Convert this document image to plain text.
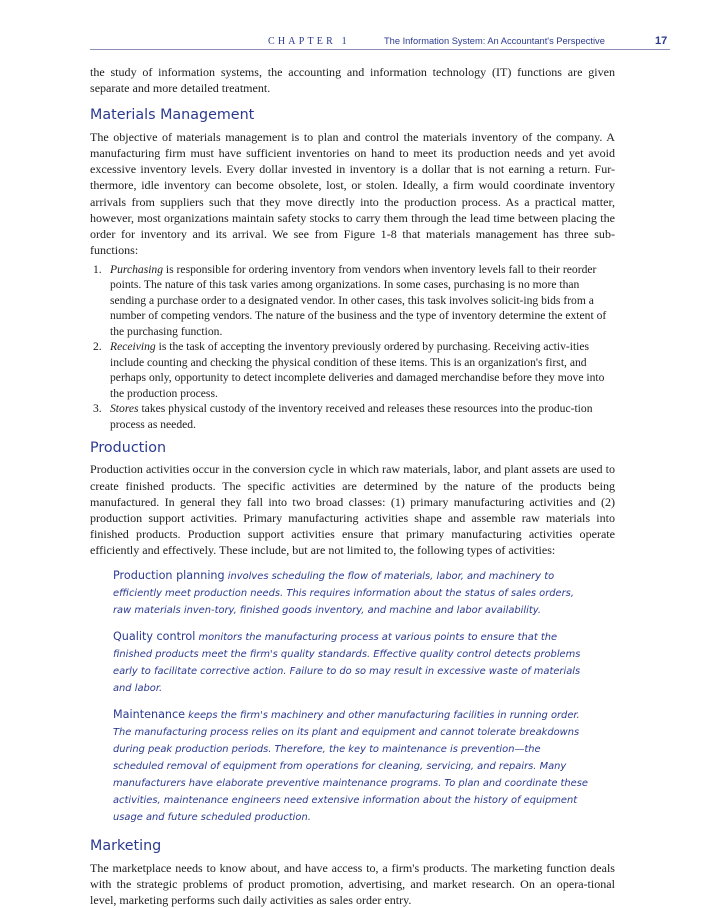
CHAPTER 1	The Information System: An Accountant's Perspective	17

the study of information systems, the accounting and information technology (IT) functions are given separate and more detailed treatment.

Materials Management

The objective of materials management is to plan and control the materials inventory of the company. A manufacturing firm must have sufficient inventories on hand to meet its production needs and yet avoid excessive inventory levels. Every dollar invested in inventory is a dollar that is not earning a return. Fur-thermore, idle inventory can become obsolete, lost, or stolen. Ideally, a firm would coordinate inventory arrivals from suppliers such that they move directly into the production process. As a practical matter, however, most organizations maintain safety stocks to carry them through the lead time between placing the order for inventory and its arrival. We see from Figure 1-8 that materials management has three sub-functions:

1. Purchasing is responsible for ordering inventory from vendors when inventory levels fall to their reorder points. The nature of this task varies among organizations. In some cases, purchasing is no more than sending a purchase order to a designated vendor. In other cases, this task involves solicit-ing bids from a number of competing vendors. The nature of the business and the type of inventory determine the extent of the purchasing function.
2. Receiving is the task of accepting the inventory previously ordered by purchasing. Receiving activ-ities include counting and checking the physical condition of these items. This is an organization's first, and perhaps only, opportunity to detect incomplete deliveries and damaged merchandise before they move into the production process.
3. Stores takes physical custody of the inventory received and releases these resources into the produc-tion process as needed.
Production

Production activities occur in the conversion cycle in which raw materials, labor, and plant assets are used to create finished products. The specific activities are determined by the nature of the products being manufactured. In general they fall into two broad classes: (1) primary manufacturing activities and (2) production support activities. Primary manufacturing activities shape and assemble raw materials into finished products. Production support activities ensure that primary manufacturing activities operate efficiently and effectively. These include, but are not limited to, the following types of activities:

Production planning involves scheduling the flow of materials, labor, and machinery to efficiently meet production needs. This requires information about the status of sales orders, raw materials inven-tory, finished goods inventory, and machine and labor availability.
Quality control monitors the manufacturing process at various points to ensure that the finished products meet the firm's quality standards. Effective quality control detects problems early to facilitate corrective action. Failure to do so may result in excessive waste of materials and labor.
Maintenance keeps the firm's machinery and other manufacturing facilities in running order. The manufacturing process relies on its plant and equipment and cannot tolerate breakdowns during peak production periods. Therefore, the key to maintenance is prevention—the scheduled removal of equipment from operations for cleaning, servicing, and repairs. Many manufacturers have elaborate preventive maintenance programs. To plan and coordinate these activities, maintenance engineers need extensive information about the history of equipment usage and future scheduled production.
Marketing

The marketplace needs to know about, and have access to, a firm's products. The marketing function deals with the strategic problems of product promotion, advertising, and market research. On an opera-tional level, marketing performs such daily activities as sales order entry.
